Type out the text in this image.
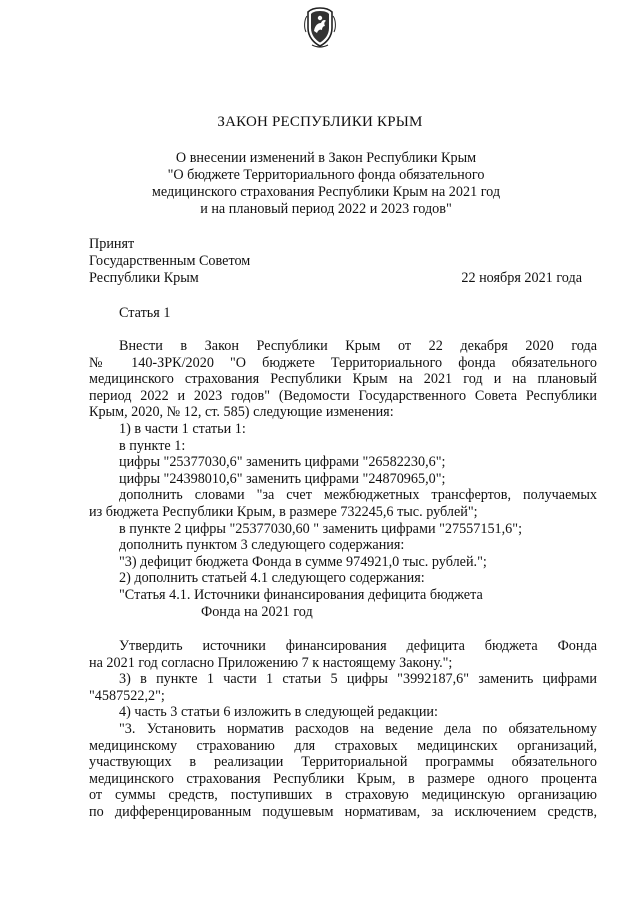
ЗАКОН РЕСПУБЛИКИ КРЫМ
О внесении изменений в Закон Республики Крым
"О бюджете Территориального фонда обязательного
медицинского страхования Республики Крым на 2021 год
и на плановый период 2022 и 2023 годов"
Принят
Государственным Советом
Республики Крым	22 ноября 2021 года
Статья 1
Внести в Закон Республики Крым от 22 декабря 2020 года
№ 140-ЗРК/2020 "О бюджете Территориального фонда обязательного
медицинского страхования Республики Крым на 2021 год и на плановый
период 2022 и 2023 годов" (Ведомости Государственного Совета Республики
Крым, 2020, № 12, ст. 585) следующие изменения:
1) в части 1 статьи 1:
в пункте 1:
цифры "25377030,6" заменить цифрами "26582230,6";
цифры "24398010,6" заменить цифрами "24870965,0";
дополнить словами "за счет межбюджетных трансфертов, получаемых
из бюджета Республики Крым, в размере 732245,6 тыс. рублей";
в пункте 2 цифры "25377030,60 " заменить цифрами "27557151,6";
дополнить пунктом 3 следующего содержания:
"3) дефицит бюджета Фонда в сумме 974921,0 тыс. рублей.";
2) дополнить статьей 4.1 следующего содержания:
"Статья 4.1. Источники финансирования дефицита бюджета
Фонда на 2021 год
Утвердить источники финансирования дефицита бюджета Фонда
на 2021 год согласно Приложению 7 к настоящему Закону.";
3) в пункте 1 части 1 статьи 5 цифры "3992187,6" заменить цифрами
"4587522,2";
4) часть 3 статьи 6 изложить в следующей редакции:
"3. Установить норматив расходов на ведение дела по обязательному
медицинскому страхованию для страховых медицинских организаций,
участвующих в реализации Территориальной программы обязательного
медицинского страхования Республики Крым, в размере одного процента
от суммы средств, поступивших в страховую медицинскую организацию
по дифференцированным подушевым нормативам, за исключением средств,
